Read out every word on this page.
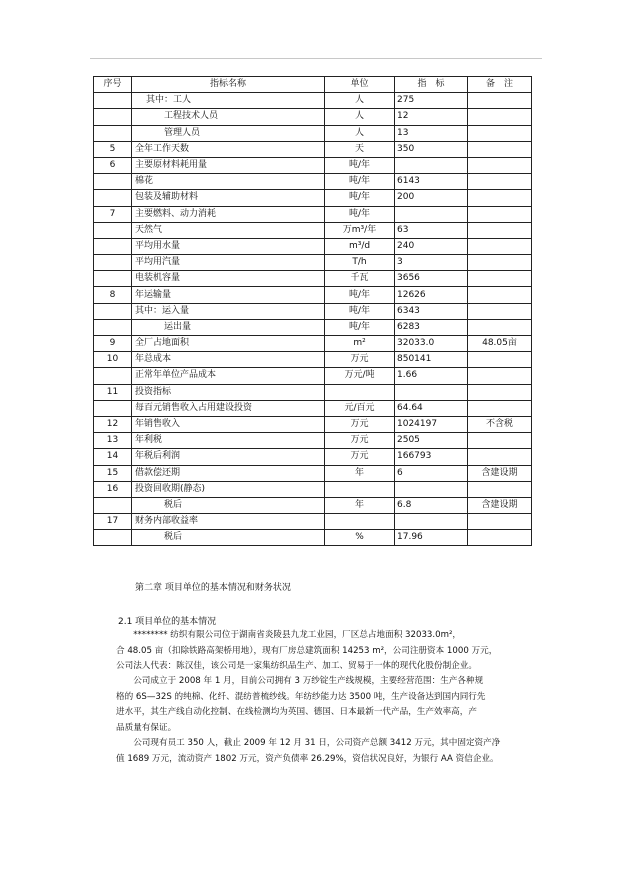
序号	指标名称	单位	指　标	备　注
	其中：工人	人	275	
	工程技术人员	人	12	
	管理人员	人	13	
5	全年工作天数	天	350	
6	主要原材料耗用量	吨/年		
	棉花	吨/年	6143	
	包装及辅助材料	吨/年	200	
7	主要燃料、动力消耗	吨/年		
	天然气	万m³/年	63	
	平均用水量	m³/d	240	
	平均用汽量	T/h	3	
	电装机容量	千瓦	3656	
8	年运输量	吨/年	12626	
	其中：运入量	吨/年	6343	
	运出量	吨/年	6283	
9	全厂占地面积	m²	32033.0	48.05亩
10	年总成本	万元	850141	
	正常年单位产品成本	万元/吨	1.66	
11	投资指标			
	每百元销售收入占用建设投资	元/百元	64.64	
12	年销售收入	万元	1024197	不含税
13	年利税	万元	2505	
14	年税后利润	万元	166793	
15	借款偿还期	年	6	含建设期
16	投资回收期(静态)			
	税后	年	6.8	含建设期
17	财务内部收益率			
	税后	%	17.96	
第二章 项目单位的基本情况和财务状况
2.1 项目单位的基本情况
　　******** 纺织有限公司位于湖南省炎陵县九龙工业园，厂区总占地面积 32033.0m²，
合 48.05 亩（扣除铁路高架桥用地），现有厂房总建筑面积 14253 m²，公司注册资本 1000 万元，
公司法人代表：陈汉佳，该公司是一家集纺织品生产、加工、贸易于一体的现代化股份制企业。
　　公司成立于 2008 年 1 月，目前公司拥有 3 万纱锭生产线规模，主要经营范围：生产各种规
格的 6S—32S 的纯棉、化纤、混纺普梳纱线。年纺纱能力达 3500 吨，生产设备达到国内同行先
进水平，其生产线自动化控制、在线检测均为英国、德国、日本最新一代产品，生产效率高，产
品质量有保证。
　　公司现有员工 350 人，截止 2009 年 12 月 31 日，公司资产总额 3412 万元，其中固定资产净
值 1689 万元，流动资产 1802 万元，资产负债率 26.29%，资信状况良好，为银行 AA 资信企业。
